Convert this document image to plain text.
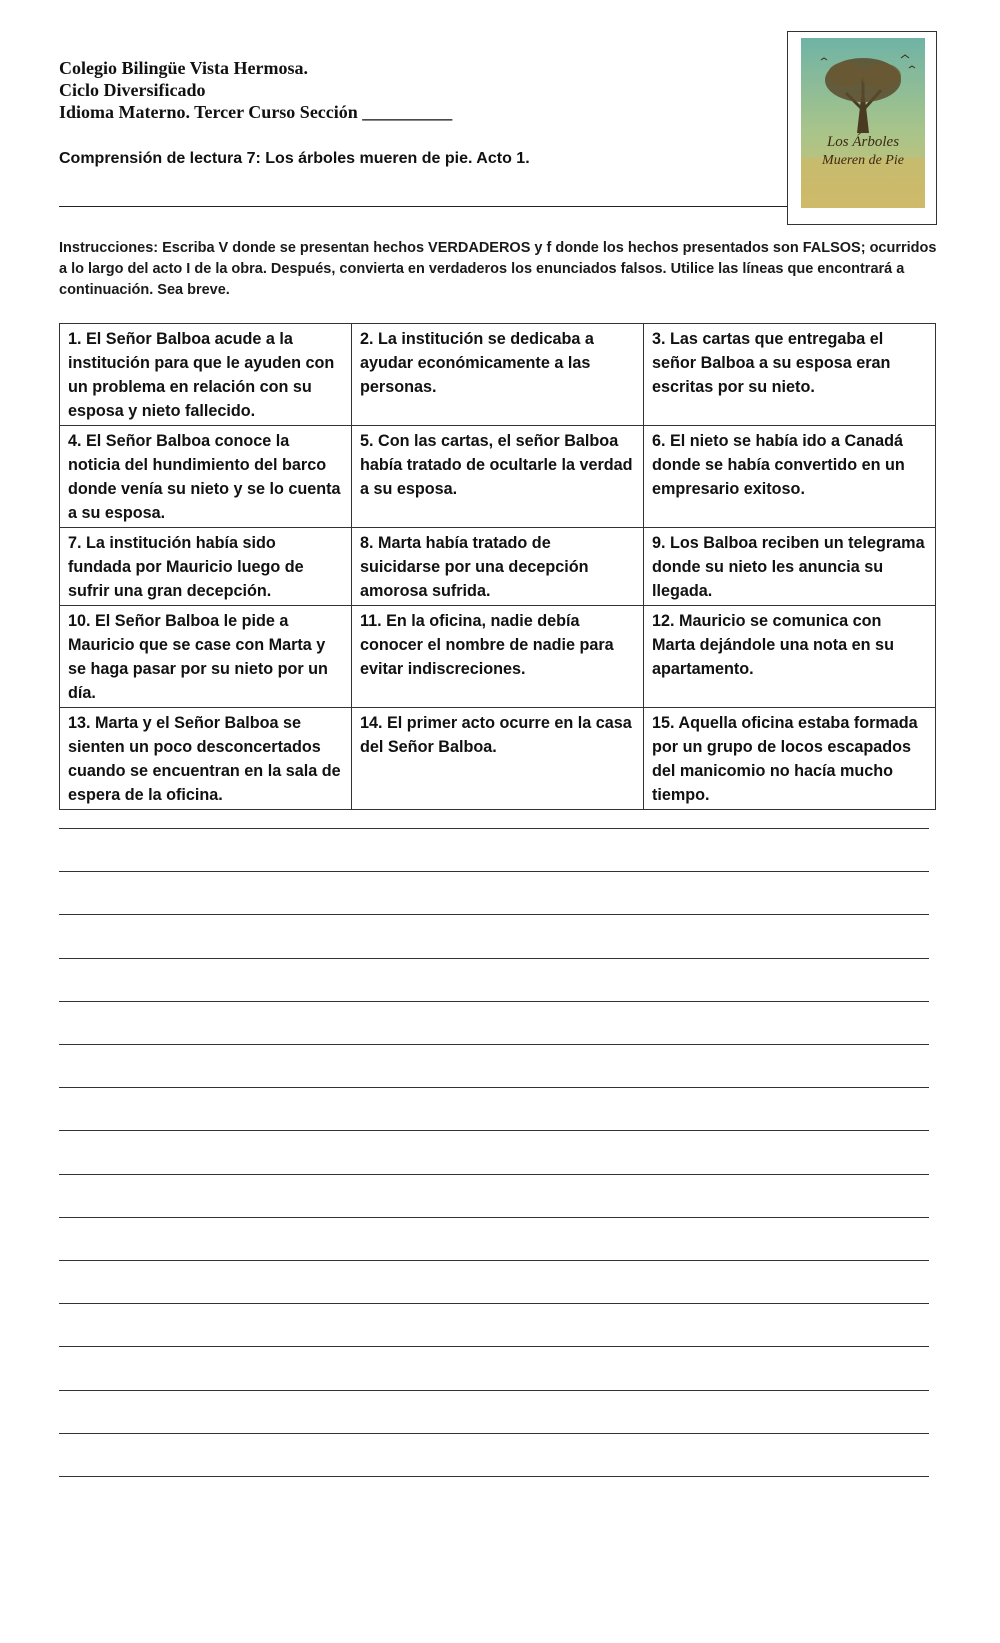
Colegio Bilingüe Vista Hermosa.
Ciclo Diversificado
Idioma Materno. Tercer Curso Sección __________
Comprensión de lectura 7: Los árboles mueren de pie. Acto 1.
Los Árboles
Mueren de Pie
Instrucciones: Escriba V donde se presentan hechos VERDADEROS y f donde los hechos presentados son FALSOS; ocurridos a lo largo del acto I de la obra. Después, convierta en verdaderos los enunciados falsos. Utilice las líneas que encontrará a continuación. Sea breve.
1. El Señor Balboa acude a la institución para que le ayuden con un problema en relación con su esposa y nieto fallecido.	2. La institución se dedicaba a ayudar económicamente a las personas.	3. Las cartas que entregaba el señor Balboa a su esposa eran escritas por su nieto.
4. El Señor Balboa conoce la noticia del hundimiento del barco donde venía su nieto y se lo cuenta a su esposa.	5. Con las cartas, el señor Balboa había tratado de ocultarle la verdad a su esposa.	6. El nieto se había ido a Canadá donde se había convertido en un empresario exitoso.
7. La institución había sido fundada por Mauricio luego de sufrir una gran decepción.	8. Marta había tratado de suicidarse por una decepción amorosa sufrida.	9. Los Balboa reciben un telegrama donde su nieto les anuncia su llegada.
10. El Señor Balboa le pide a Mauricio que se case con Marta y se haga pasar por su nieto por un día.	11. En la oficina, nadie debía conocer el nombre de nadie para evitar indiscreciones.	12. Mauricio se comunica con Marta dejándole una nota en su apartamento.
13. Marta y el Señor Balboa se sienten un poco desconcertados cuando se encuentran en la sala de espera de la oficina.	14. El primer acto ocurre en la casa del Señor Balboa.	15. Aquella oficina estaba formada por un grupo de locos escapados del manicomio no hacía mucho tiempo.
